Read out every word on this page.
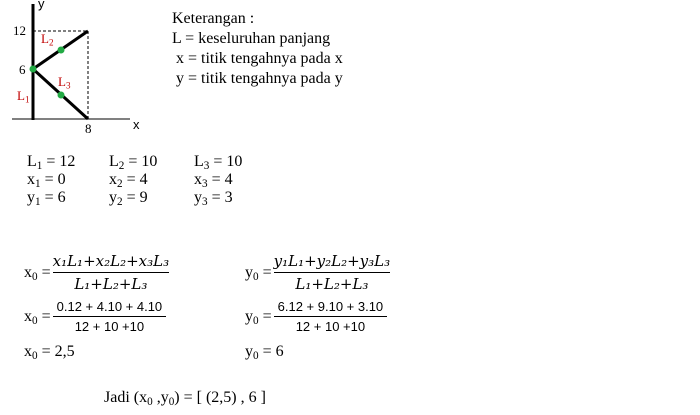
y
x
12
6
8
$L_2$
$L_3$
$L_1$
Keterangan :
L = keseluruhan panjang
x = titik tengahnya pada x
y = titik tengahnya pada y
$L_1 = 12$
$x_1 = 0$
$y_1 = 6$
$L_2 = 10$
$x_2 = 4$
$y_2 = 9$
$L_3 = 10$
$x_3 = 4$
$y_3 = 3$
$x_0 = \frac{\text{x₁L₁+x₂L₂+x₃L₃}}{\text{L₁+L₂+L₃}}$
$x_0 = \frac{0.12 + 4.10 + 4.10}{12 + 10 +10}$
$x_0 = 2,5$
$y_0 = \frac{\text{y₁L₁+y₂L₂+y₃L₃}}{\text{L₁+L₂+L₃}}$
$y_0 = \frac{6.12 + 9.10 + 3.10}{12 + 10 +10}$
$y_0 = 6$
Jadi ($x_0$ $,y_0$) = [ (2,5) , 6 ]
